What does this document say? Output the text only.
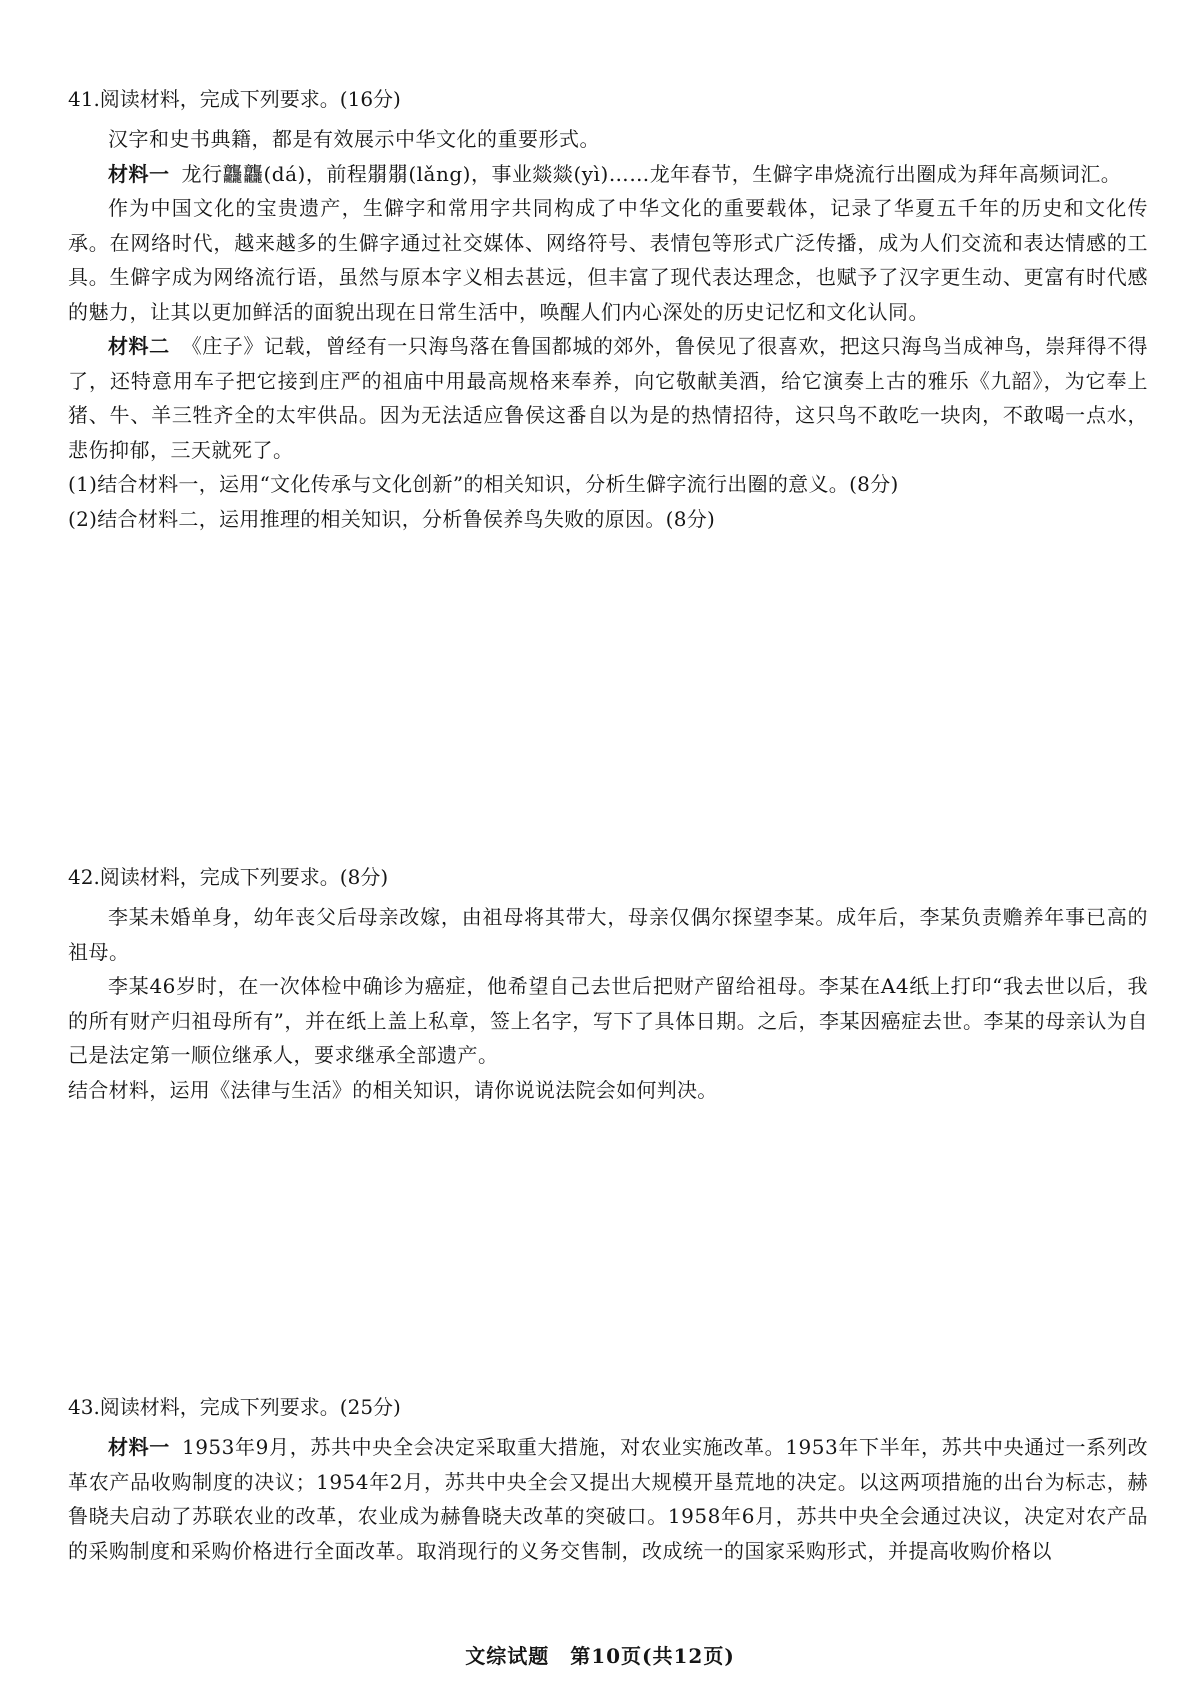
41.阅读材料，完成下列要求。(16分)

汉字和史书典籍，都是有效展示中华文化的重要形式。

材料一 龙行龘龘(dá)，前程朤朤(lǎng)，事业燚燚(yì)……龙年春节，生僻字串烧流行出圈成为拜年高频词汇。

作为中国文化的宝贵遗产，生僻字和常用字共同构成了中华文化的重要载体，记录了华夏五千年的历史和文化传承。在网络时代，越来越多的生僻字通过社交媒体、网络符号、表情包等形式广泛传播，成为人们交流和表达情感的工具。生僻字成为网络流行语，虽然与原本字义相去甚远，但丰富了现代表达理念，也赋予了汉字更生动、更富有时代感的魅力，让其以更加鲜活的面貌出现在日常生活中，唤醒人们内心深处的历史记忆和文化认同。

材料二 《庄子》记载，曾经有一只海鸟落在鲁国都城的郊外，鲁侯见了很喜欢，把这只海鸟当成神鸟，崇拜得不得了，还特意用车子把它接到庄严的祖庙中用最高规格来奉养，向它敬献美酒，给它演奏上古的雅乐《九韶》，为它奉上猪、牛、羊三牲齐全的太牢供品。因为无法适应鲁侯这番自以为是的热情招待，这只鸟不敢吃一块肉，不敢喝一点水，悲伤抑郁，三天就死了。

(1)结合材料一，运用“文化传承与文化创新”的相关知识，分析生僻字流行出圈的意义。(8分)
(2)结合材料二，运用推理的相关知识，分析鲁侯养鸟失败的原因。(8分)
42.阅读材料，完成下列要求。(8分)

李某未婚单身，幼年丧父后母亲改嫁，由祖母将其带大，母亲仅偶尔探望李某。成年后，李某负责赡养年事已高的祖母。

李某46岁时，在一次体检中确诊为癌症，他希望自己去世后把财产留给祖母。李某在A4纸上打印“我去世以后，我的所有财产归祖母所有”，并在纸上盖上私章，签上名字，写下了具体日期。之后，李某因癌症去世。李某的母亲认为自己是法定第一顺位继承人，要求继承全部遗产。

结合材料，运用《法律与生活》的相关知识，请你说说法院会如何判决。
43.阅读材料，完成下列要求。(25分)

材料一 1953年9月，苏共中央全会决定采取重大措施，对农业实施改革。1953年下半年，苏共中央通过一系列改革农产品收购制度的决议；1954年2月，苏共中央全会又提出大规模开垦荒地的决定。以这两项措施的出台为标志，赫鲁晓夫启动了苏联农业的改革，农业成为赫鲁晓夫改革的突破口。1958年6月，苏共中央全会通过决议，决定对农产品的采购制度和采购价格进行全面改革。取消现行的义务交售制，改成统一的国家采购形式，并提高收购价格以

文综试题　第10页(共12页)
